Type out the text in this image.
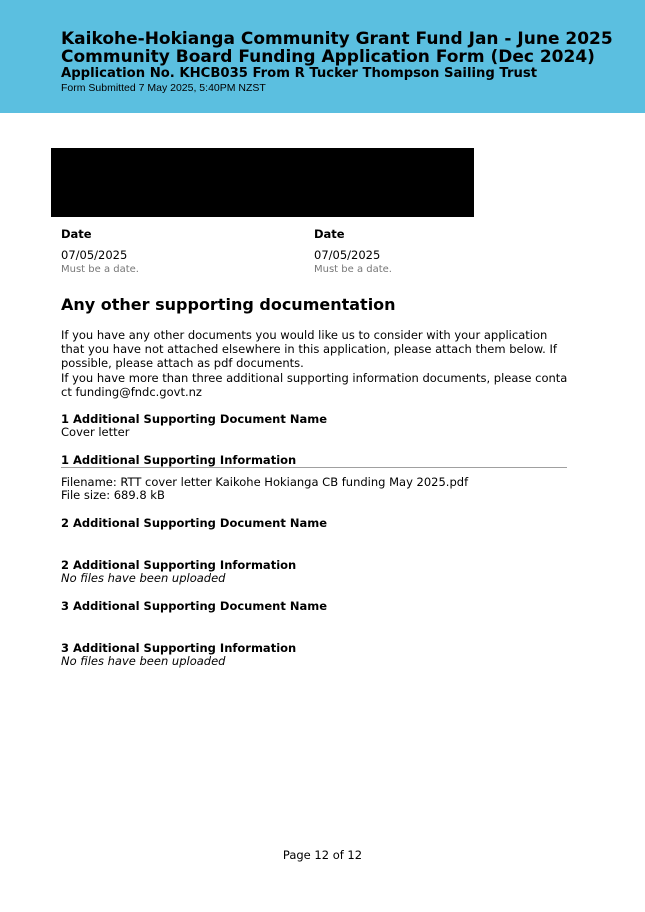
Kaikohe-Hokianga Community Grant Fund Jan - June 2025
Community Board Funding Application Form (Dec 2024)
Application No. KHCB035 From R Tucker Thompson Sailing Trust
Form Submitted 7 May 2025, 5:40PM NZST
Date
07/05/2025
Must be a date.
Date
07/05/2025
Must be a date.
Any other supporting documentation
If you have any other documents you would like us to consider with your application that you have not attached elsewhere in this application, please attach them below. If possible, please attach as pdf documents.
If you have more than three additional supporting information documents, please contact funding@fndc.govt.nz
1 Additional Supporting Document Name
Cover letter
1 Additional Supporting Information
Filename: RTT cover letter Kaikohe Hokianga CB funding May 2025.pdf
File size: 689.8 kB
2 Additional Supporting Document Name
2 Additional Supporting Information
No files have been uploaded
3 Additional Supporting Document Name
3 Additional Supporting Information
No files have been uploaded
Page 12 of 12
